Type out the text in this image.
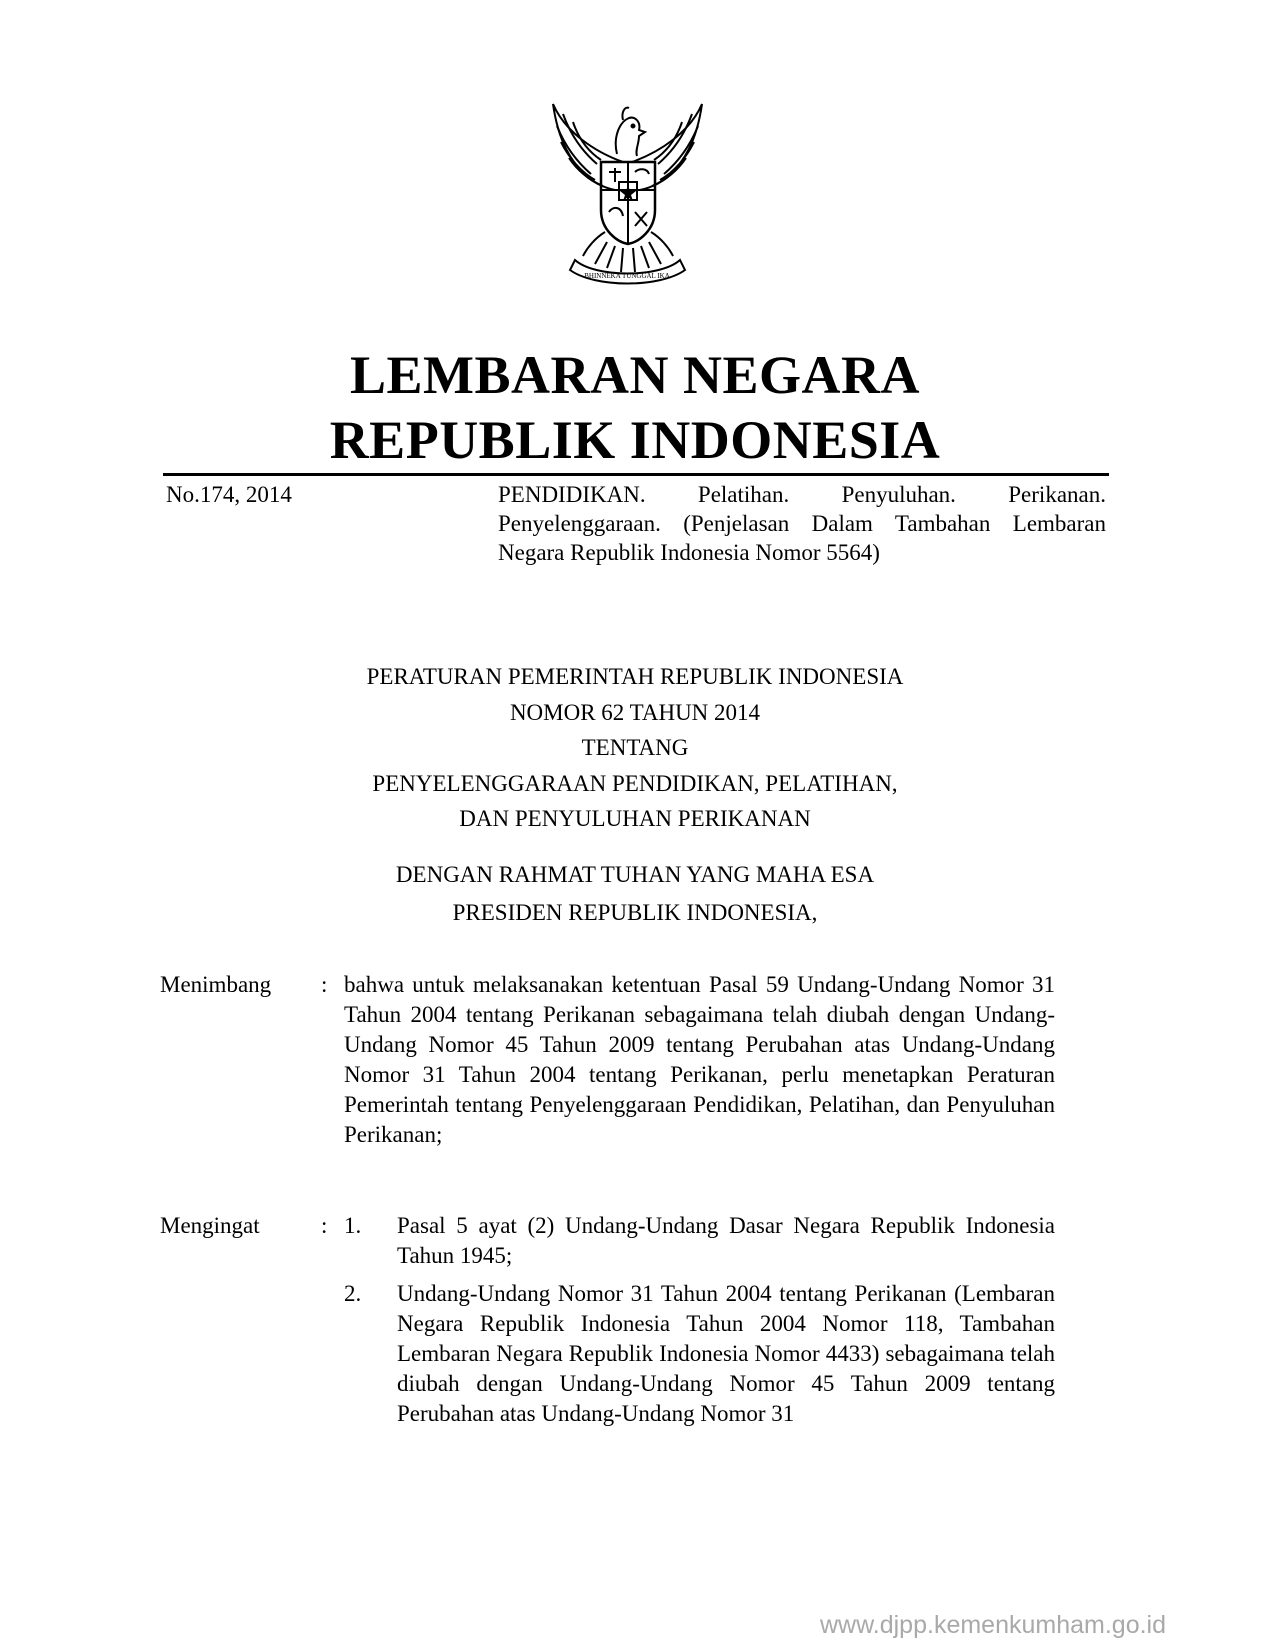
BHINNEKA TUNGGAL IKA
LEMBARAN NEGARA
REPUBLIK INDONESIA
No.174, 2014	PENDIDIKAN. Pelatihan. Penyuluhan. Perikanan. Penyelenggaraan. (Penjelasan Dalam Tambahan Lembaran Negara Republik Indonesia Nomor 5564)
PERATURAN PEMERINTAH REPUBLIK INDONESIA
NOMOR 62 TAHUN 2014
TENTANG
PENYELENGGARAAN PENDIDIKAN, PELATIHAN,
DAN PENYULUHAN PERIKANAN
DENGAN RAHMAT TUHAN YANG MAHA ESA
PRESIDEN REPUBLIK INDONESIA,
Menimbang : bahwa untuk melaksanakan ketentuan Pasal 59 Undang-Undang Nomor 31 Tahun 2004 tentang Perikanan sebagaimana telah diubah dengan Undang-Undang Nomor 45 Tahun 2009 tentang Perubahan atas Undang-Undang Nomor 31 Tahun 2004 tentang Perikanan, perlu menetapkan Peraturan Pemerintah tentang Penyelenggaraan Pendidikan, Pelatihan, dan Penyuluhan Perikanan;
Mengingat	: 1. Pasal 5 ayat (2) Undang-Undang Dasar Negara Republik Indonesia Tahun 1945;
2. Undang-Undang Nomor 31 Tahun 2004 tentang Perikanan (Lembaran Negara Republik Indonesia Tahun 2004 Nomor 118, Tambahan Lembaran Negara Republik Indonesia Nomor 4433) sebagaimana telah diubah dengan Undang-Undang Nomor 45 Tahun 2009 tentang Perubahan atas Undang-Undang Nomor 31
www.djpp.kemenkumham.go.id
